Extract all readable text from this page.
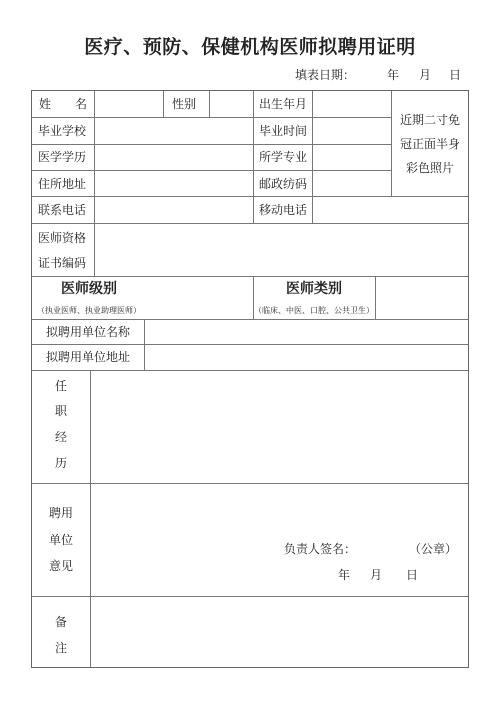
医疗、预防、保健机构医师拟聘用证明
填表日期：	年 月 日
姓　　名	性别	出生年月
近期二寸免
冠正面半身
彩色照片
毕业学校	毕业时间
医学学历	所学专业
住所地址	邮政纺码
联系电话	移动电话
医师资格
证书编码
医师级别
（执业医师、执业助理医师）
医师类别
（临床、中医、口腔、公共卫生）
拟聘用单位名称
拟聘用单位地址
任
职
经
历
聘用
单位
意见
负责人签名：	（公章）
年 月 日
备
注
